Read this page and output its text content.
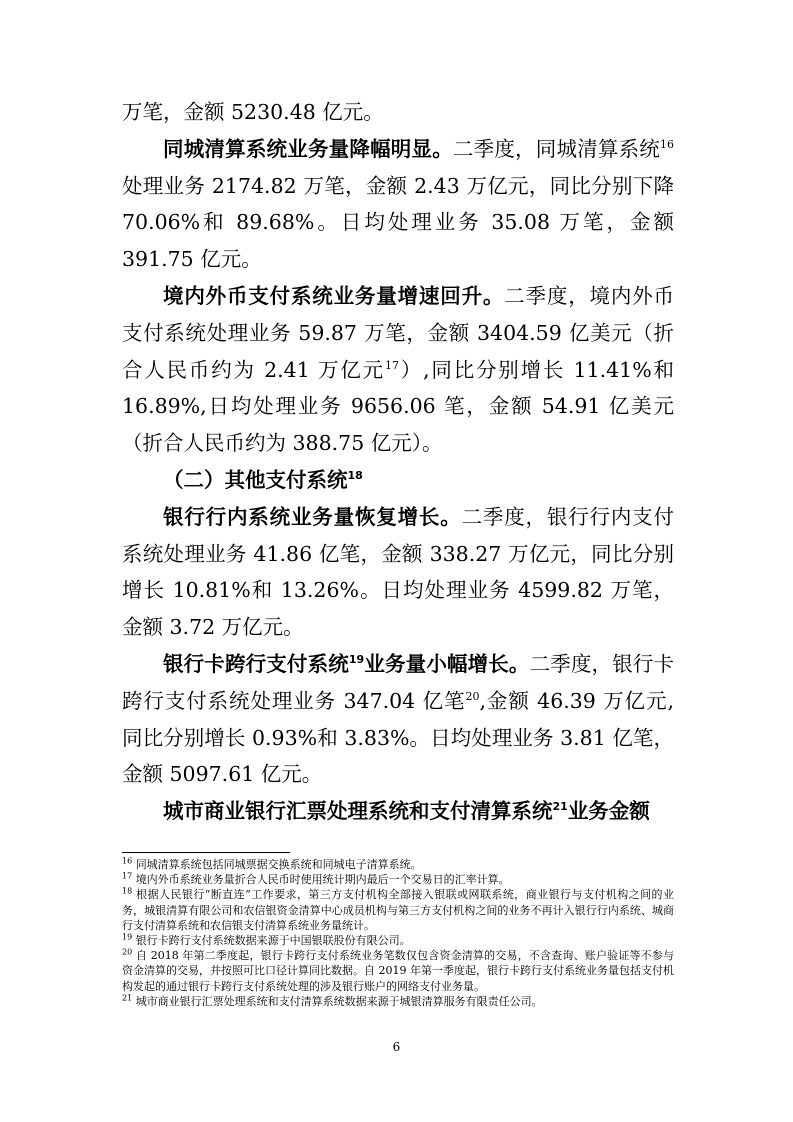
万笔，金额 5230.48 亿元。

同城清算系统业务量降幅明显。二季度，同城清算系统$^{16}$处理业务 2174.82 万笔，金额 2.43 万亿元，同比分别下降 70.06%和 89.68%。日均处理业务 35.08 万笔，金额 391.75 亿元。

境内外币支付系统业务量增速回升。二季度，境内外币支付系统处理业务 59.87 万笔，金额 3404.59 亿美元（折合人民币约为 2.41 万亿元$^{17}$）,同比分别增长 11.41%和 16.89%,日均处理业务 9656.06 笔，金额 54.91 亿美元（折合人民币约为 388.75 亿元）。

（二）其他支付系统$^{18}$

银行行内系统业务量恢复增长。二季度，银行行内支付系统处理业务 41.86 亿笔，金额 338.27 万亿元，同比分别增长 10.81%和 13.26%。日均处理业务 4599.82 万笔，金额 3.72 万亿元。

银行卡跨行支付系统$^{19}$业务量小幅增长。二季度，银行卡跨行支付系统处理业务 347.04 亿笔$^{20}$,金额 46.39 万亿元,同比分别增长 0.93%和 3.83%。日均处理业务 3.81 亿笔，金额 5097.61 亿元。

城市商业银行汇票处理系统和支付清算系统$^{21}$业务金额

$^{16}$ 同城清算系统包括同城票据交换系统和同城电子清算系统。

$^{17}$ 境内外币系统业务量折合人民币时使用统计期内最后一个交易日的汇率计算。

$^{18}$ 根据人民银行“断直连”工作要求，第三方支付机构全部接入银联或网联系统，商业银行与支付机构之间的业务，城银清算有限公司和农信银资金清算中心成员机构与第三方支付机构之间的业务不再计入银行行内系统、城商行支付清算系统和农信银支付清算系统业务量统计。

$^{19}$ 银行卡跨行支付系统数据来源于中国银联股份有限公司。

$^{20}$ 自 2018 年第二季度起，银行卡跨行支付系统业务笔数仅包含资金清算的交易，不含查询、账户验证等不参与资金清算的交易，并按照可比口径计算同比数据。自 2019 年第一季度起，银行卡跨行支付系统业务量包括支付机构发起的通过银行卡跨行支付系统处理的涉及银行账户的网络支付业务量。

$^{21}$ 城市商业银行汇票处理系统和支付清算系统数据来源于城银清算服务有限责任公司。

6
